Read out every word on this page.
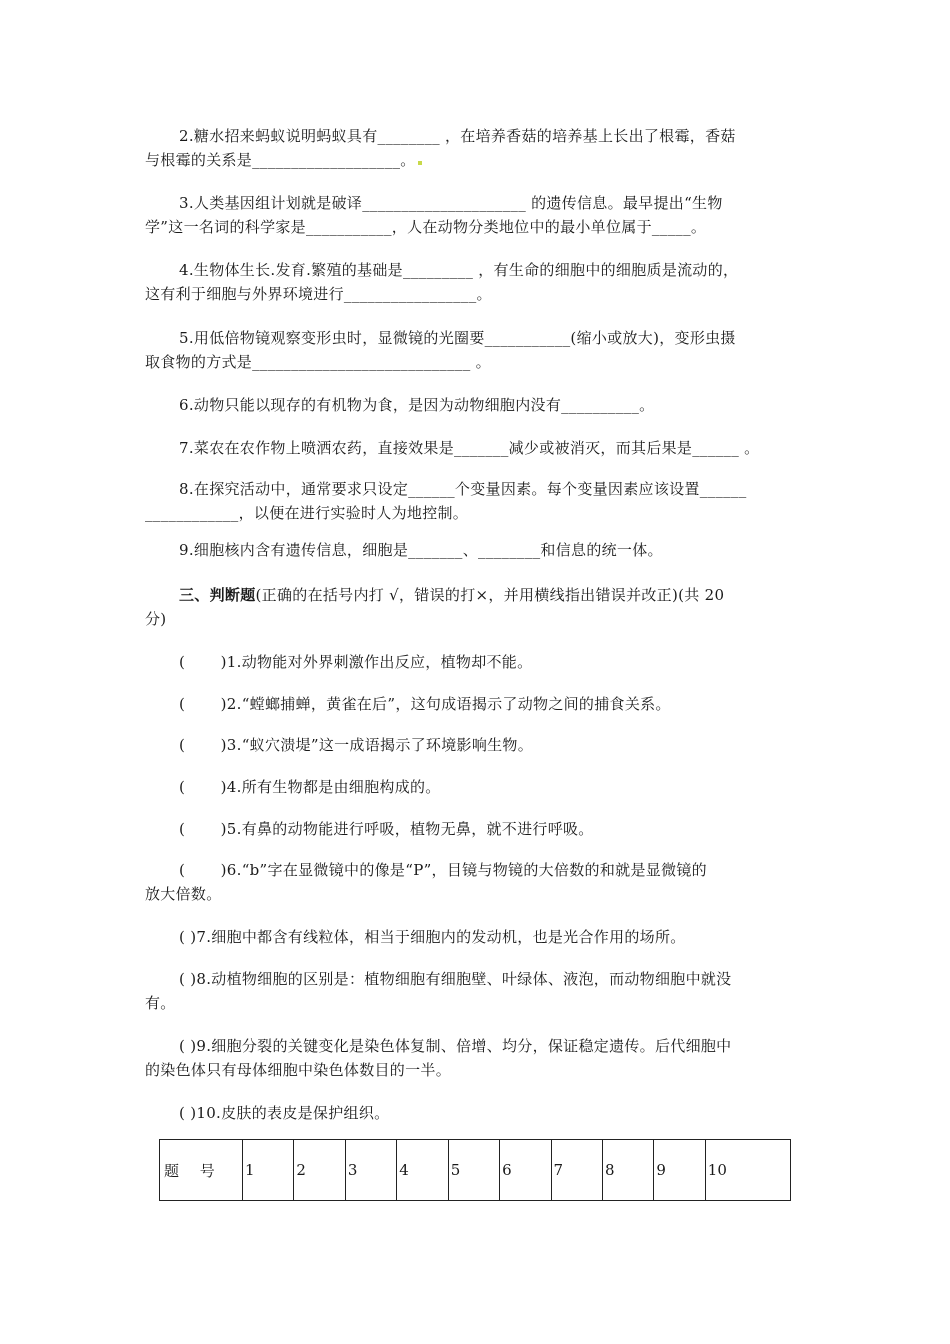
2.糖水招来蚂蚁说明蚂蚁具有________ ，在培养香菇的培养基上长出了根霉，香菇
与根霉的关系是___________________。
3.人类基因组计划就是破译_____________________ 的遗传信息。最早提出“生物
学”这一名词的科学家是___________，人在动物分类地位中的最小单位属于_____。
4.生物体生长.发育.繁殖的基础是_________ ，有生命的细胞中的细胞质是流动的，
这有利于细胞与外界环境进行_________________。
5.用低倍物镜观察变形虫时，显微镜的光圈要___________(缩小或放大)，变形虫摄
取食物的方式是____________________________ 。
6.动物只能以现存的有机物为食，是因为动物细胞内没有__________。
7.菜农在农作物上喷洒农药，直接效果是_______减少或被消灭，而其后果是______ 。
8.在探究活动中，通常要求只设定______个变量因素。每个变量因素应该设置______
____________，以便在进行实验时人为地控制。
9.细胞核内含有遗传信息，细胞是_______、________和信息的统一体。
三、判断题(正确的在括号内打 √，错误的打×，并用横线指出错误并改正)(共 20
分)
(       )1.动物能对外界刺激作出反应，植物却不能。
(       )2.“螳螂捕蝉，黄雀在后”，这句成语揭示了动物之间的捕食关系。
(       )3.“蚁穴溃堤”这一成语揭示了环境影响生物。
(       )4.所有生物都是由细胞构成的。
(       )5.有鼻的动物能进行呼吸，植物无鼻，就不进行呼吸。
(       )6.“b”字在显微镜中的像是“P”，目镜与物镜的大倍数的和就是显微镜的
放大倍数。
( )7.细胞中都含有线粒体，相当于细胞内的发动机，也是光合作用的场所。
( )8.动植物细胞的区别是：植物细胞有细胞壁、叶绿体、液泡，而动物细胞中就没
有。
( )9.细胞分裂的关键变化是染色体复制、倍增、均分，保证稳定遗传。后代细胞中
的染色体只有母体细胞中染色体数目的一半。
( )10.皮肤的表皮是保护组织。
题 号	1	2	3	4	5	6	7	8	9	10
